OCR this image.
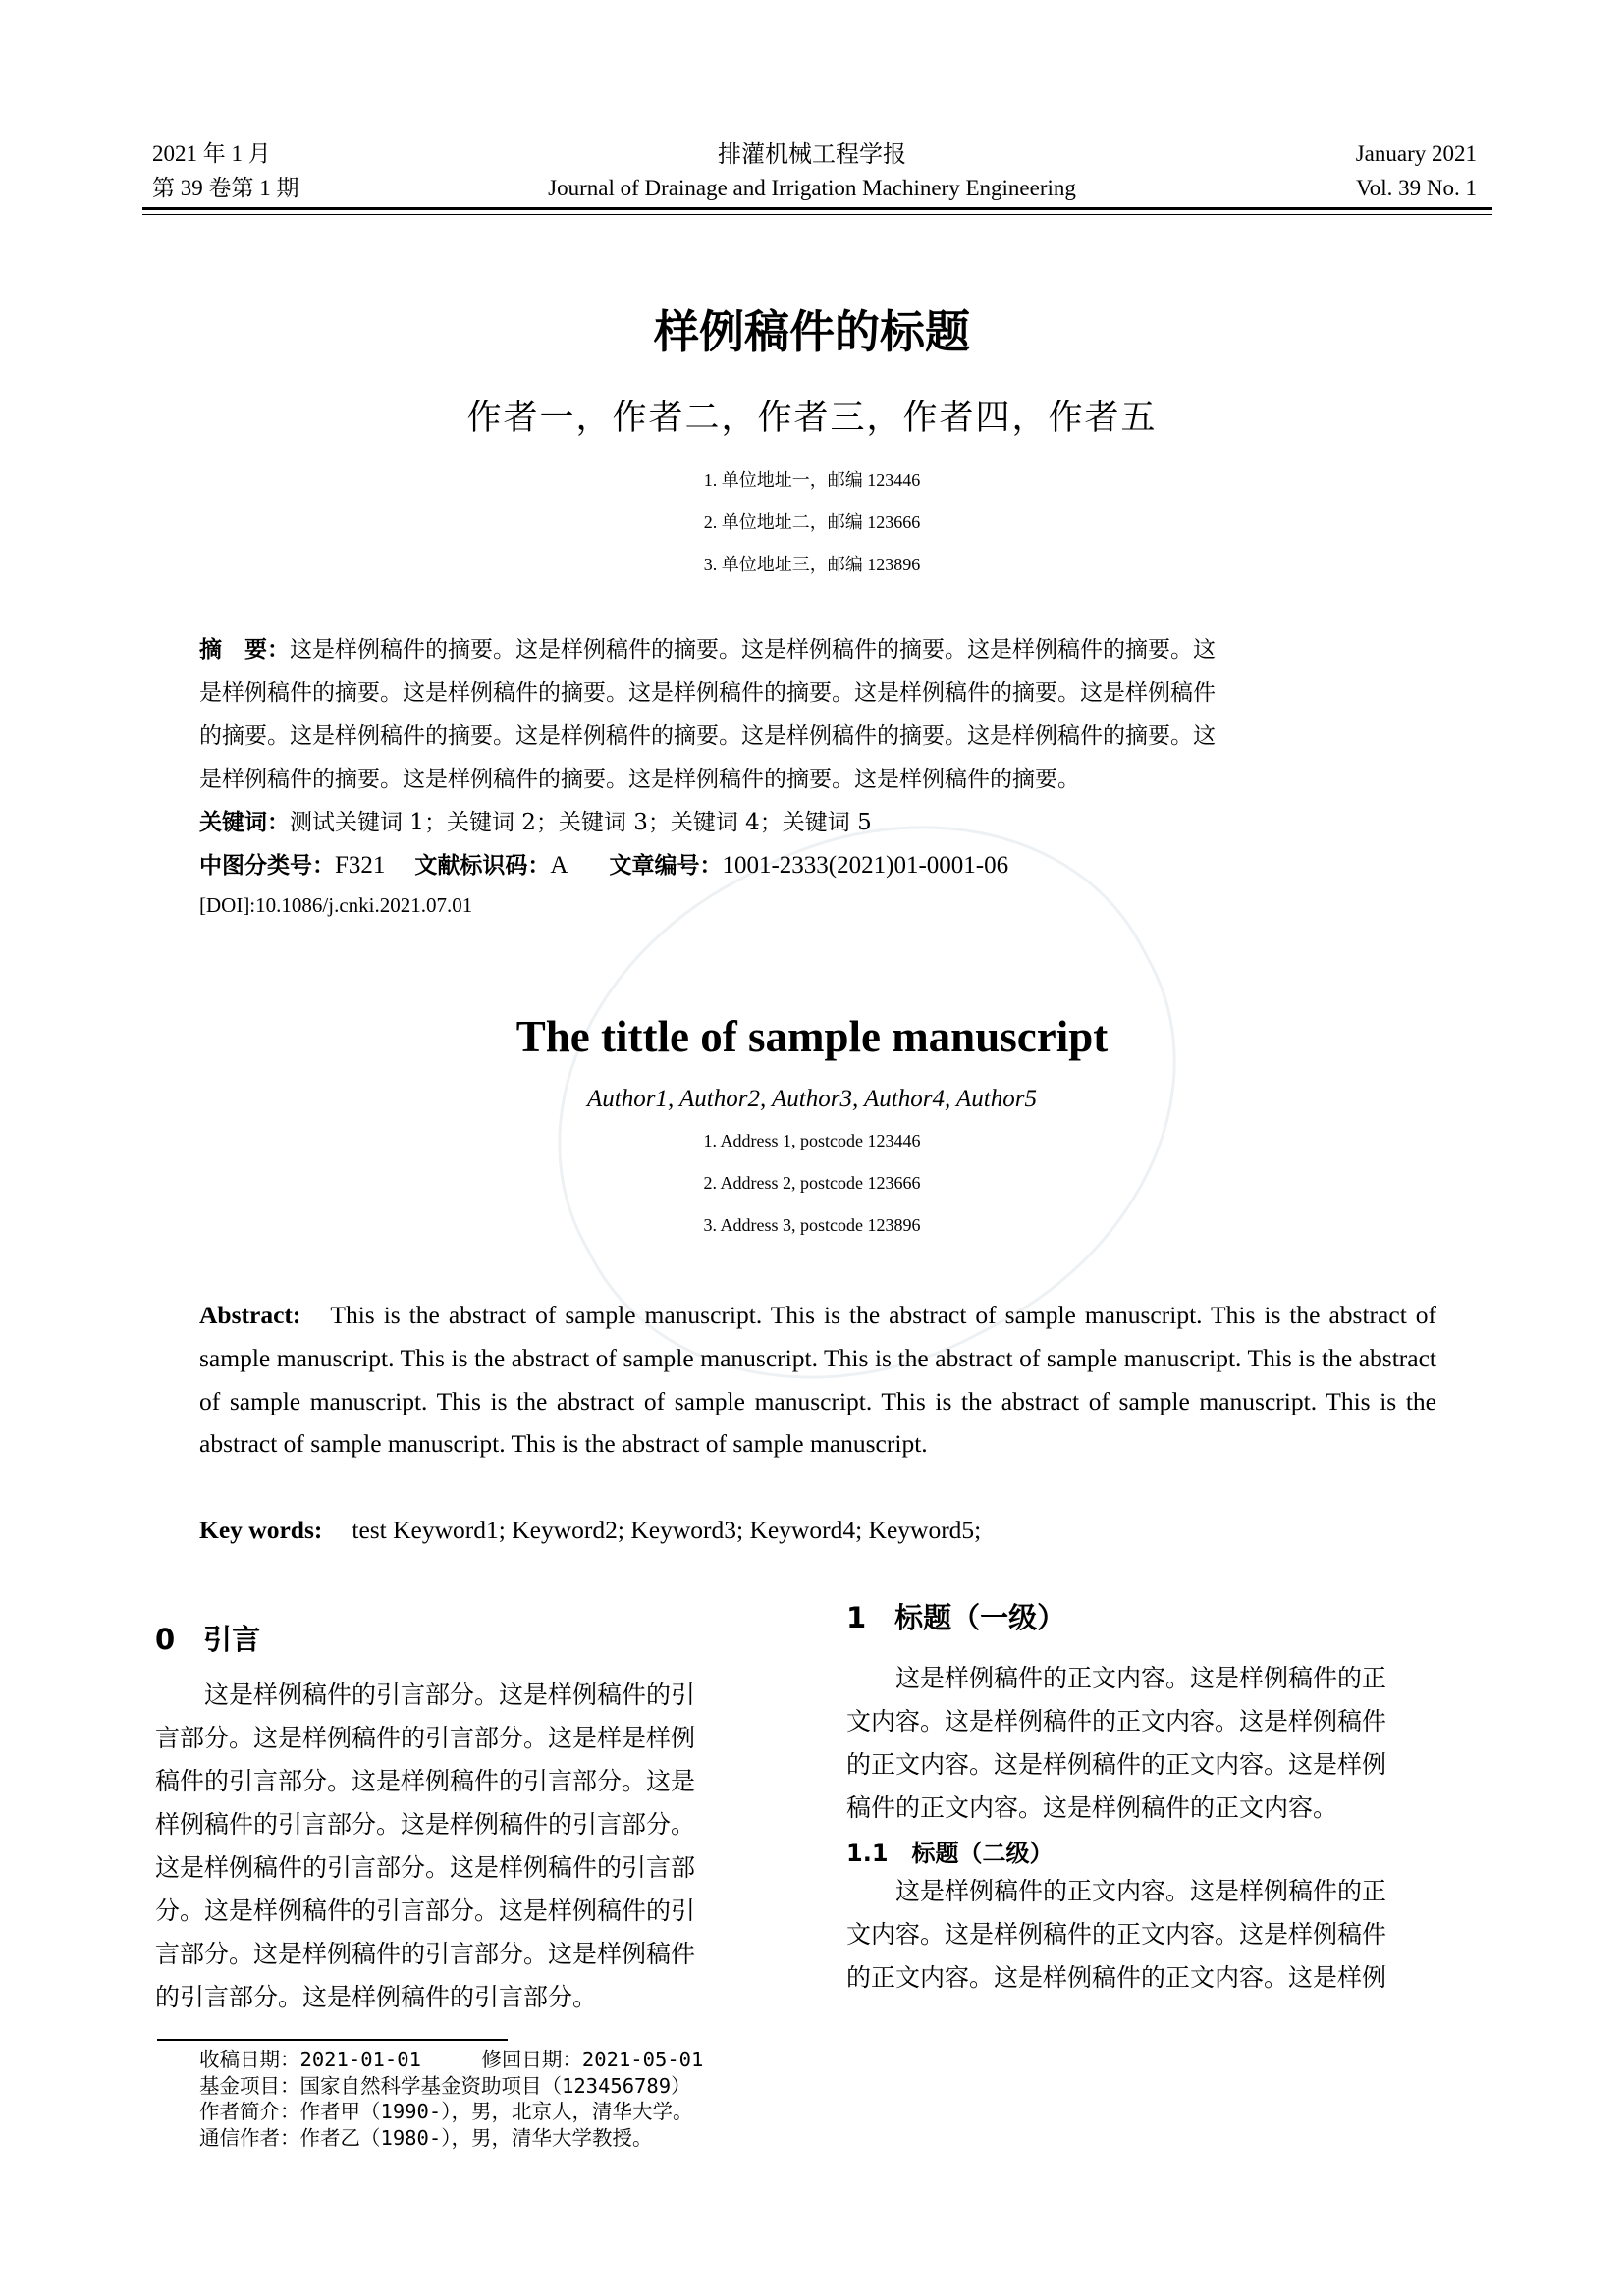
2021 年 1 月
第 39 卷第 1 期
排灌机械工程学报
Journal of Drainage and Irrigation Machinery Engineering
January 2021
Vol. 39 No. 1
样例稿件的标题
作者一，作者二，作者三，作者四，作者五
1. 单位地址一，邮编 123446
2. 单位地址二，邮编 123666
3. 单位地址三，邮编 123896
摘　要：这是样例稿件的摘要。这是样例稿件的摘要。这是样例稿件的摘要。这是样例稿件的摘要。这
是样例稿件的摘要。这是样例稿件的摘要。这是样例稿件的摘要。这是样例稿件的摘要。这是样例稿件
的摘要。这是样例稿件的摘要。这是样例稿件的摘要。这是样例稿件的摘要。这是样例稿件的摘要。这
是样例稿件的摘要。这是样例稿件的摘要。这是样例稿件的摘要。这是样例稿件的摘要。
关键词：测试关键词 1；关键词 2；关键词 3；关键词 4；关键词 5
中图分类号：F321 文献标识码：A 文章编号：1001-2333(2021)01-0001-06
[DOI]:10.1086/j.cnki.2021.07.01
The tittle of sample manuscript
Author1, Author2, Author3, Author4, Author5
1. Address 1, postcode 123446
2. Address 2, postcode 123666
3. Address 3, postcode 123896
Abstract: This is the abstract of sample manuscript. This is the abstract of sample manuscript. This is the abstract of sample manuscript. This is the abstract of sample manuscript. This is the abstract of sample manuscript. This is the abstract of sample manuscript. This is the abstract of sample manuscript. This is the abstract of sample manuscript. This is the abstract of sample manuscript. This is the abstract of sample manuscript.
Key words: test Keyword1; Keyword2; Keyword3; Keyword4; Keyword5;
0　引言
　　这是样例稿件的引言部分。这是样例稿件的引
言部分。这是样例稿件的引言部分。这是样是样例
稿件的引言部分。这是样例稿件的引言部分。这是
样例稿件的引言部分。这是样例稿件的引言部分。
这是样例稿件的引言部分。这是样例稿件的引言部
分。这是样例稿件的引言部分。这是样例稿件的引
言部分。这是样例稿件的引言部分。这是样例稿件
的引言部分。这是样例稿件的引言部分。
收稿日期：2021-01-01　　　修回日期：2021-05-01
基金项目：国家自然科学基金资助项目（123456789）
作者简介：作者甲（1990-），男，北京人，清华大学。
通信作者：作者乙（1980-），男，清华大学教授。
1　标题（一级）
　　这是样例稿件的正文内容。这是样例稿件的正
文内容。这是样例稿件的正文内容。这是样例稿件
的正文内容。这是样例稿件的正文内容。这是样例
稿件的正文内容。这是样例稿件的正文内容。
1.1　标题（二级）
　　这是样例稿件的正文内容。这是样例稿件的正
文内容。这是样例稿件的正文内容。这是样例稿件
的正文内容。这是样例稿件的正文内容。这是样例
